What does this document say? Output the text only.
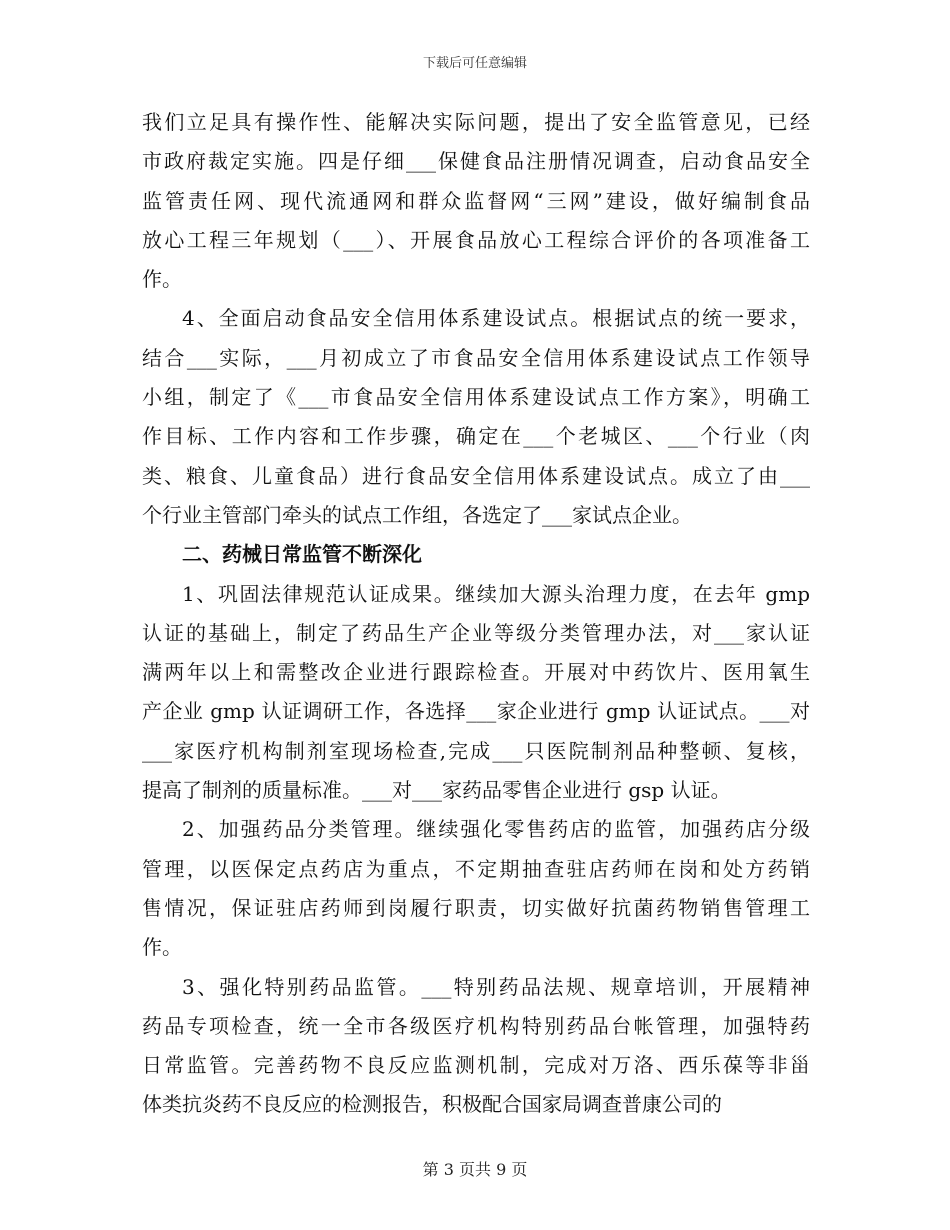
下载后可任意编辑
我们立足具有操作性、能解决实际问题，提出了安全监管意见，已经
市政府裁定实施。四是仔细___保健食品注册情况调查，启动食品安全
监管责任网、现代流通网和群众监督网“三网”建设，做好编制食品
放心工程三年规划（___）、开展食品放心工程综合评价的各项准备工
作。
4、全面启动食品安全信用体系建设试点。根据试点的统一要求，
结合___实际，___月初成立了市食品安全信用体系建设试点工作领导
小组，制定了《___市食品安全信用体系建设试点工作方案》，明确工
作目标、工作内容和工作步骤，确定在___个老城区、___个行业（肉
类、粮食、儿童食品）进行食品安全信用体系建设试点。成立了由___
个行业主管部门牵头的试点工作组，各选定了___家试点企业。
二、药械日常监管不断深化
1、巩固法律规范认证成果。继续加大源头治理力度，在去年 gmp
认证的基础上，制定了药品生产企业等级分类管理办法，对___家认证
满两年以上和需整改企业进行跟踪检查。开展对中药饮片、医用氧生
产企业 gmp 认证调研工作，各选择___家企业进行 gmp 认证试点。___对
___家医疗机构制剂室现场检查,完成___只医院制剂品种整顿、复核，
提高了制剂的质量标准。___对___家药品零售企业进行 gsp 认证。
2、加强药品分类管理。继续强化零售药店的监管，加强药店分级
管理，以医保定点药店为重点，不定期抽查驻店药师在岗和处方药销
售情况，保证驻店药师到岗履行职责，切实做好抗菌药物销售管理工
作。
3、强化特别药品监管。___特别药品法规、规章培训，开展精神
药品专项检查，统一全市各级医疗机构特别药品台帐管理，加强特药
日常监管。完善药物不良反应监测机制，完成对万洛、西乐葆等非甾
体类抗炎药不良反应的检测报告，积极配合国家局调查普康公司的
第 3 页共 9 页
